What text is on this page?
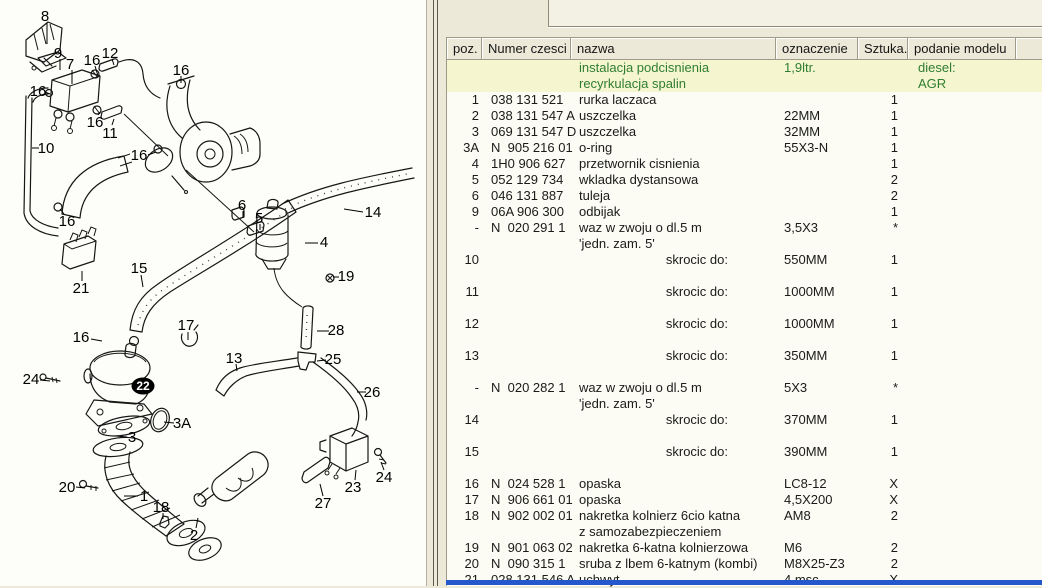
22
8
9
7 16 12
16
16
16
11
10	16
16
21
15
17
16
24
3A
3
20
1
18
2
6
5	14
4
19
28
13	25
26
23
24
27
poz. Numer czesci nazwa	oznaczenie	Sztuka. podanie modelu
instalacja podcisnienia	1,9ltr.	diesel:
recyrkulacja spalin	AGR
1 038 131 521	rurka laczaca	1
2 038 131 547 A uszczelka	22MM	1
3 069 131 547 D uszczelka	32MM	1
3A N  905 216 01 o-ring	55X3-N	1
4 1H0 906 627	przetwornik cisnienia	1
5 052 129 734	wkladka dystansowa	2
6 046 131 887	tuleja	2
9 06A 906 300	odbijak	1
- N  020 291 1	waz w zwoju o dl.5 m	3,5X3	*
'jedn. zam. 5'
10	skrocic do:	550MM	1
11	skrocic do:	1000MM	1
12	skrocic do:	1000MM	1
13	skrocic do:	350MM	1
- N  020 282 1	waz w zwoju o dl.5 m	5X3	*
'jedn. zam. 5'
14	skrocic do:	370MM	1
15	skrocic do:	390MM	1
16 N  024 528 1	opaska	LC8-12	X
17 N  906 661 01 opaska	4,5X200	X
18 N  902 002 01 nakretka kolnierz 6cio katna	AM8	2
z samozabezpieczeniem
19 N  901 063 02 nakretka 6-katna kolnierzowa	M6	2
20 N  090 315 1	sruba z lbem 6-katnym (kombi)	M8X25-Z3	2
